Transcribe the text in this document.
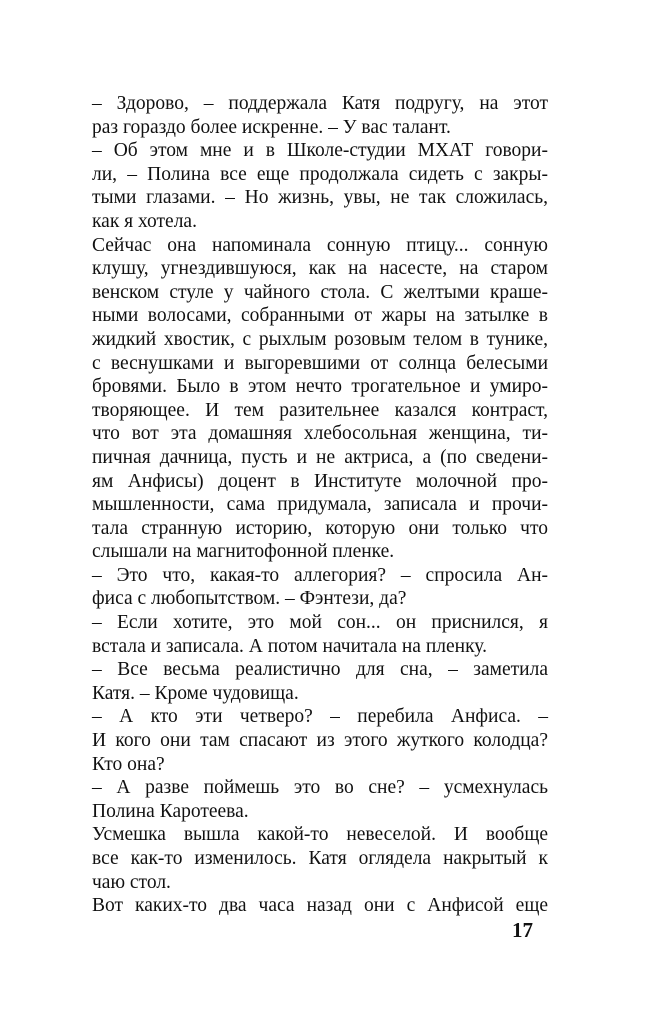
– Здорово, – поддержала Катя подругу, на этот
раз гораздо более искренне. – У вас талант.
– Об этом мне и в Школе-студии МХАТ говори-
ли, – Полина все еще продолжала сидеть с закры-
тыми глазами. – Но жизнь, увы, не так сложилась,
как я хотела.
Сейчас она напоминала сонную птицу... сонную
клушу, угнездившуюся, как на насесте, на старом
венском стуле у чайного стола. С желтыми краше-
ными волосами, собранными от жары на затылке в
жидкий хвостик, с рыхлым розовым телом в тунике,
с веснушками и выгоревшими от солнца белесыми
бровями. Было в этом нечто трогательное и умиро-
творяющее. И тем разительнее казался контраст,
что вот эта домашняя хлебосольная женщина, ти-
пичная дачница, пусть и не актриса, а (по сведени-
ям Анфисы) доцент в Институте молочной про-
мышленности, сама придумала, записала и прочи-
тала странную историю, которую они только что
слышали на магнитофонной пленке.
– Это что, какая-то аллегория? – спросила Ан-
фиса с любопытством. – Фэнтези, да?
– Если хотите, это мой сон... он приснился, я
встала и записала. А потом начитала на пленку.
– Все весьма реалистично для сна, – заметила
Катя. – Кроме чудовища.
– А кто эти четверо? – перебила Анфиса. –
И кого они там спасают из этого жуткого колодца?
Кто она?
– А разве поймешь это во сне? – усмехнулась
Полина Каротеева.
Усмешка вышла какой-то невеселой. И вообще
все как-то изменилось. Катя оглядела накрытый к
чаю стол.
Вот каких-то два часа назад они с Анфисой еще
17
